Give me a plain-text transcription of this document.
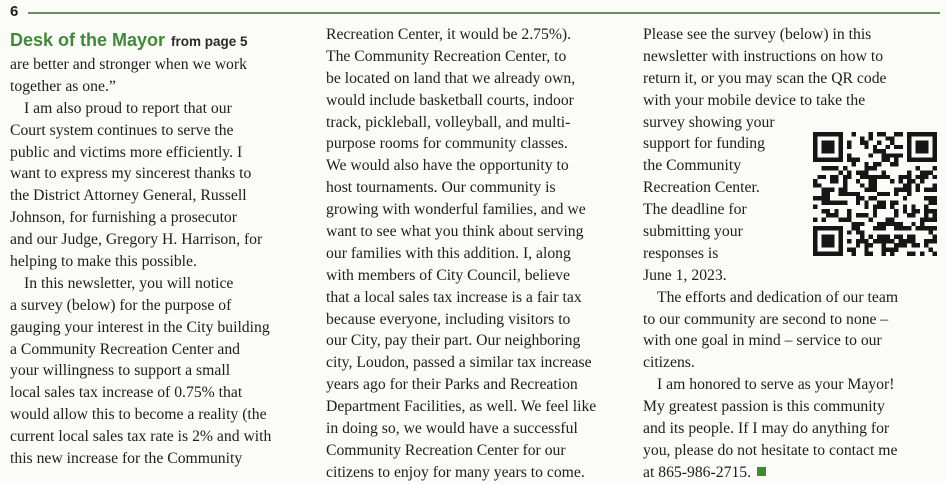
6
Desk of the Mayor from page 5
are better and stronger when we work
together as one.”
I am also proud to report that our
Court system continues to serve the
public and victims more efficiently. I
want to express my sincerest thanks to
the District Attorney General, Russell
Johnson, for furnishing a prosecutor
and our Judge, Gregory H. Harrison, for
helping to make this possible.
In this newsletter, you will notice
a survey (below) for the purpose of
gauging your interest in the City building
a Community Recreation Center and
your willingness to support a small
local sales tax increase of 0.75% that
would allow this to become a reality (the
current local sales tax rate is 2% and with
this new increase for the Community
Recreation Center, it would be 2.75%).
The Community Recreation Center, to
be located on land that we already own,
would include basketball courts, indoor
track, pickleball, volleyball, and multi-
purpose rooms for community classes.
We would also have the opportunity to
host tournaments. Our community is
growing with wonderful families, and we
want to see what you think about serving
our families with this addition. I, along
with members of City Council, believe
that a local sales tax increase is a fair tax
because everyone, including visitors to
our City, pay their part. Our neighboring
city, Loudon, passed a similar tax increase
years ago for their Parks and Recreation
Department Facilities, as well. We feel like
in doing so, we would have a successful
Community Recreation Center for our
citizens to enjoy for many years to come.
Please see the survey (below) in this
newsletter with instructions on how to
return it, or you may scan the QR code
with your mobile device to take the
survey showing your
support for funding
the Community
Recreation Center.
The deadline for
submitting your
responses is
June 1, 2023.
The efforts and dedication of our team
to our community are second to none –
with one goal in mind – service to our
citizens.
I am honored to serve as your Mayor!
My greatest passion is this community
and its people. If I may do anything for
you, please do not hesitate to contact me
at 865-986-2715.
